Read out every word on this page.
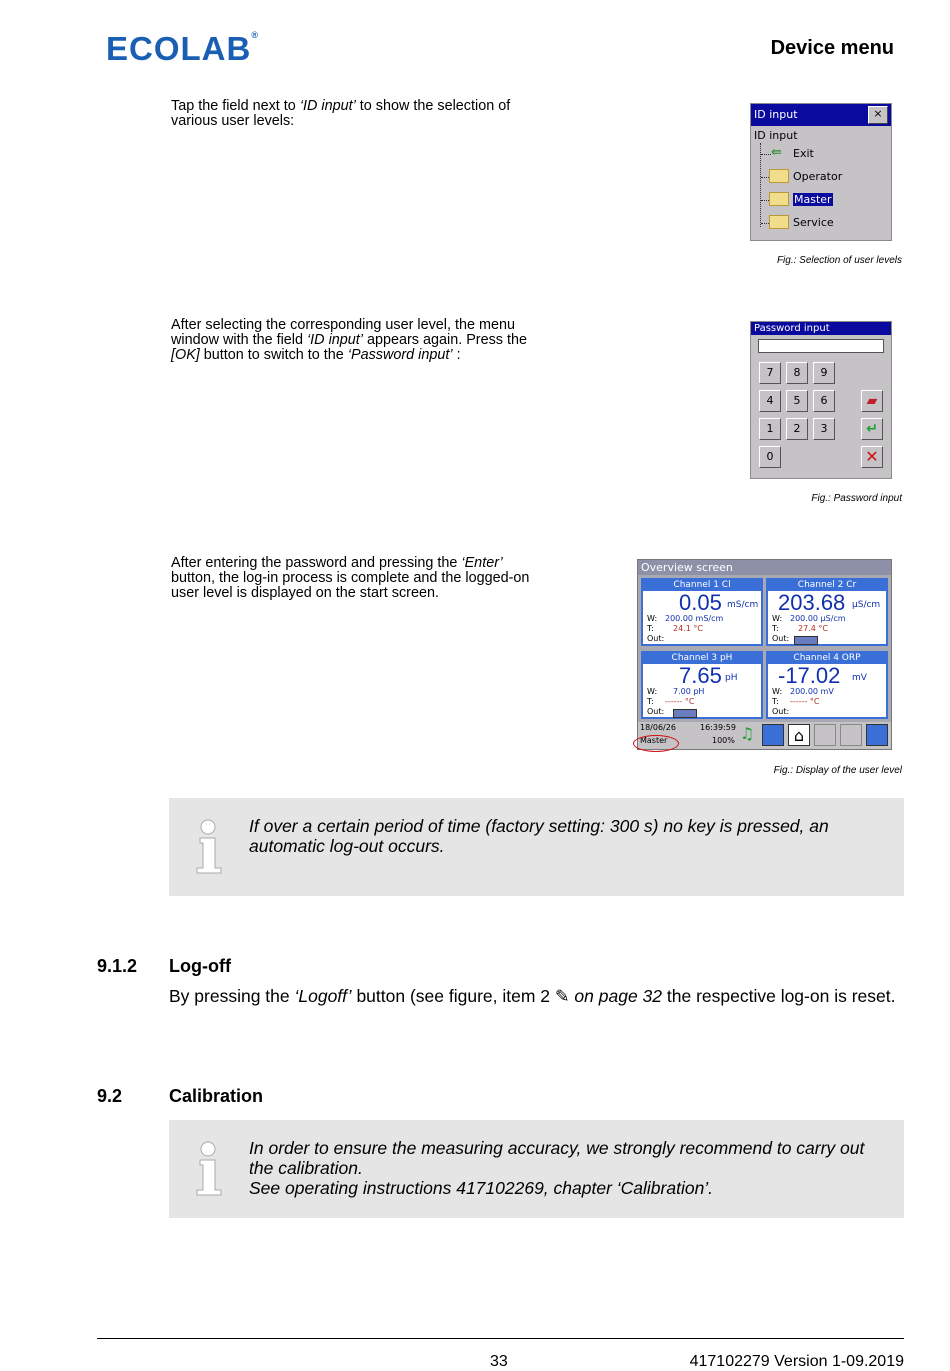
ECOLAB®
Device menu
Tap the field next to ‘ID input’ to show the selection of various user levels:	ID input	×
ID input
⇚	Exit
Operator
Master
Service
Fig.: Selection of user levels
After selecting the corresponding user level, the menu window with the field ‘ID input’ appears again. Press the [OK] button to switch to the ‘Password input’ :
Password input
7	8	9
4	5	6
1	2	3
0
▰
↵
✕
Fig.: Password input
After entering the password and pressing the ‘Enter’ button, the log-in process is complete and the logged-on user level is displayed on the start screen.
Overview screen
Channel 1 Cl
0.05 mS/cm
W: 200.00 mS/cm
T: 24.1 °C
Out:
Channel 2 Cr
203.68 µS/cm
W: 200.00 µS/cm
T: 27.4 °C
Out:
Channel 3 pH
7.65 pH
W: 7.00 pH
T: ------ °C
Out:
Channel 4 ORP
-17.02 mV
W: 200.00 mV
T: ------ °C
Out:
18/06/26	16:39:59
Master	100% ♫	⌂
Fig.: Display of the user level
If over a certain period of time (factory setting: 300 s) no key is pressed, an automatic log-out occurs.
9.1.2 Log-off
By pressing the ‘Logoff’ button (see figure, item 2 ✎ on page 32 the respective log-on is reset.
9.2	Calibration
In order to ensure the measuring accuracy, we strongly recommend to carry out the calibration.
See operating instructions 417102269, chapter ‘Calibration’.
33	417102279 Version 1-09.2019
